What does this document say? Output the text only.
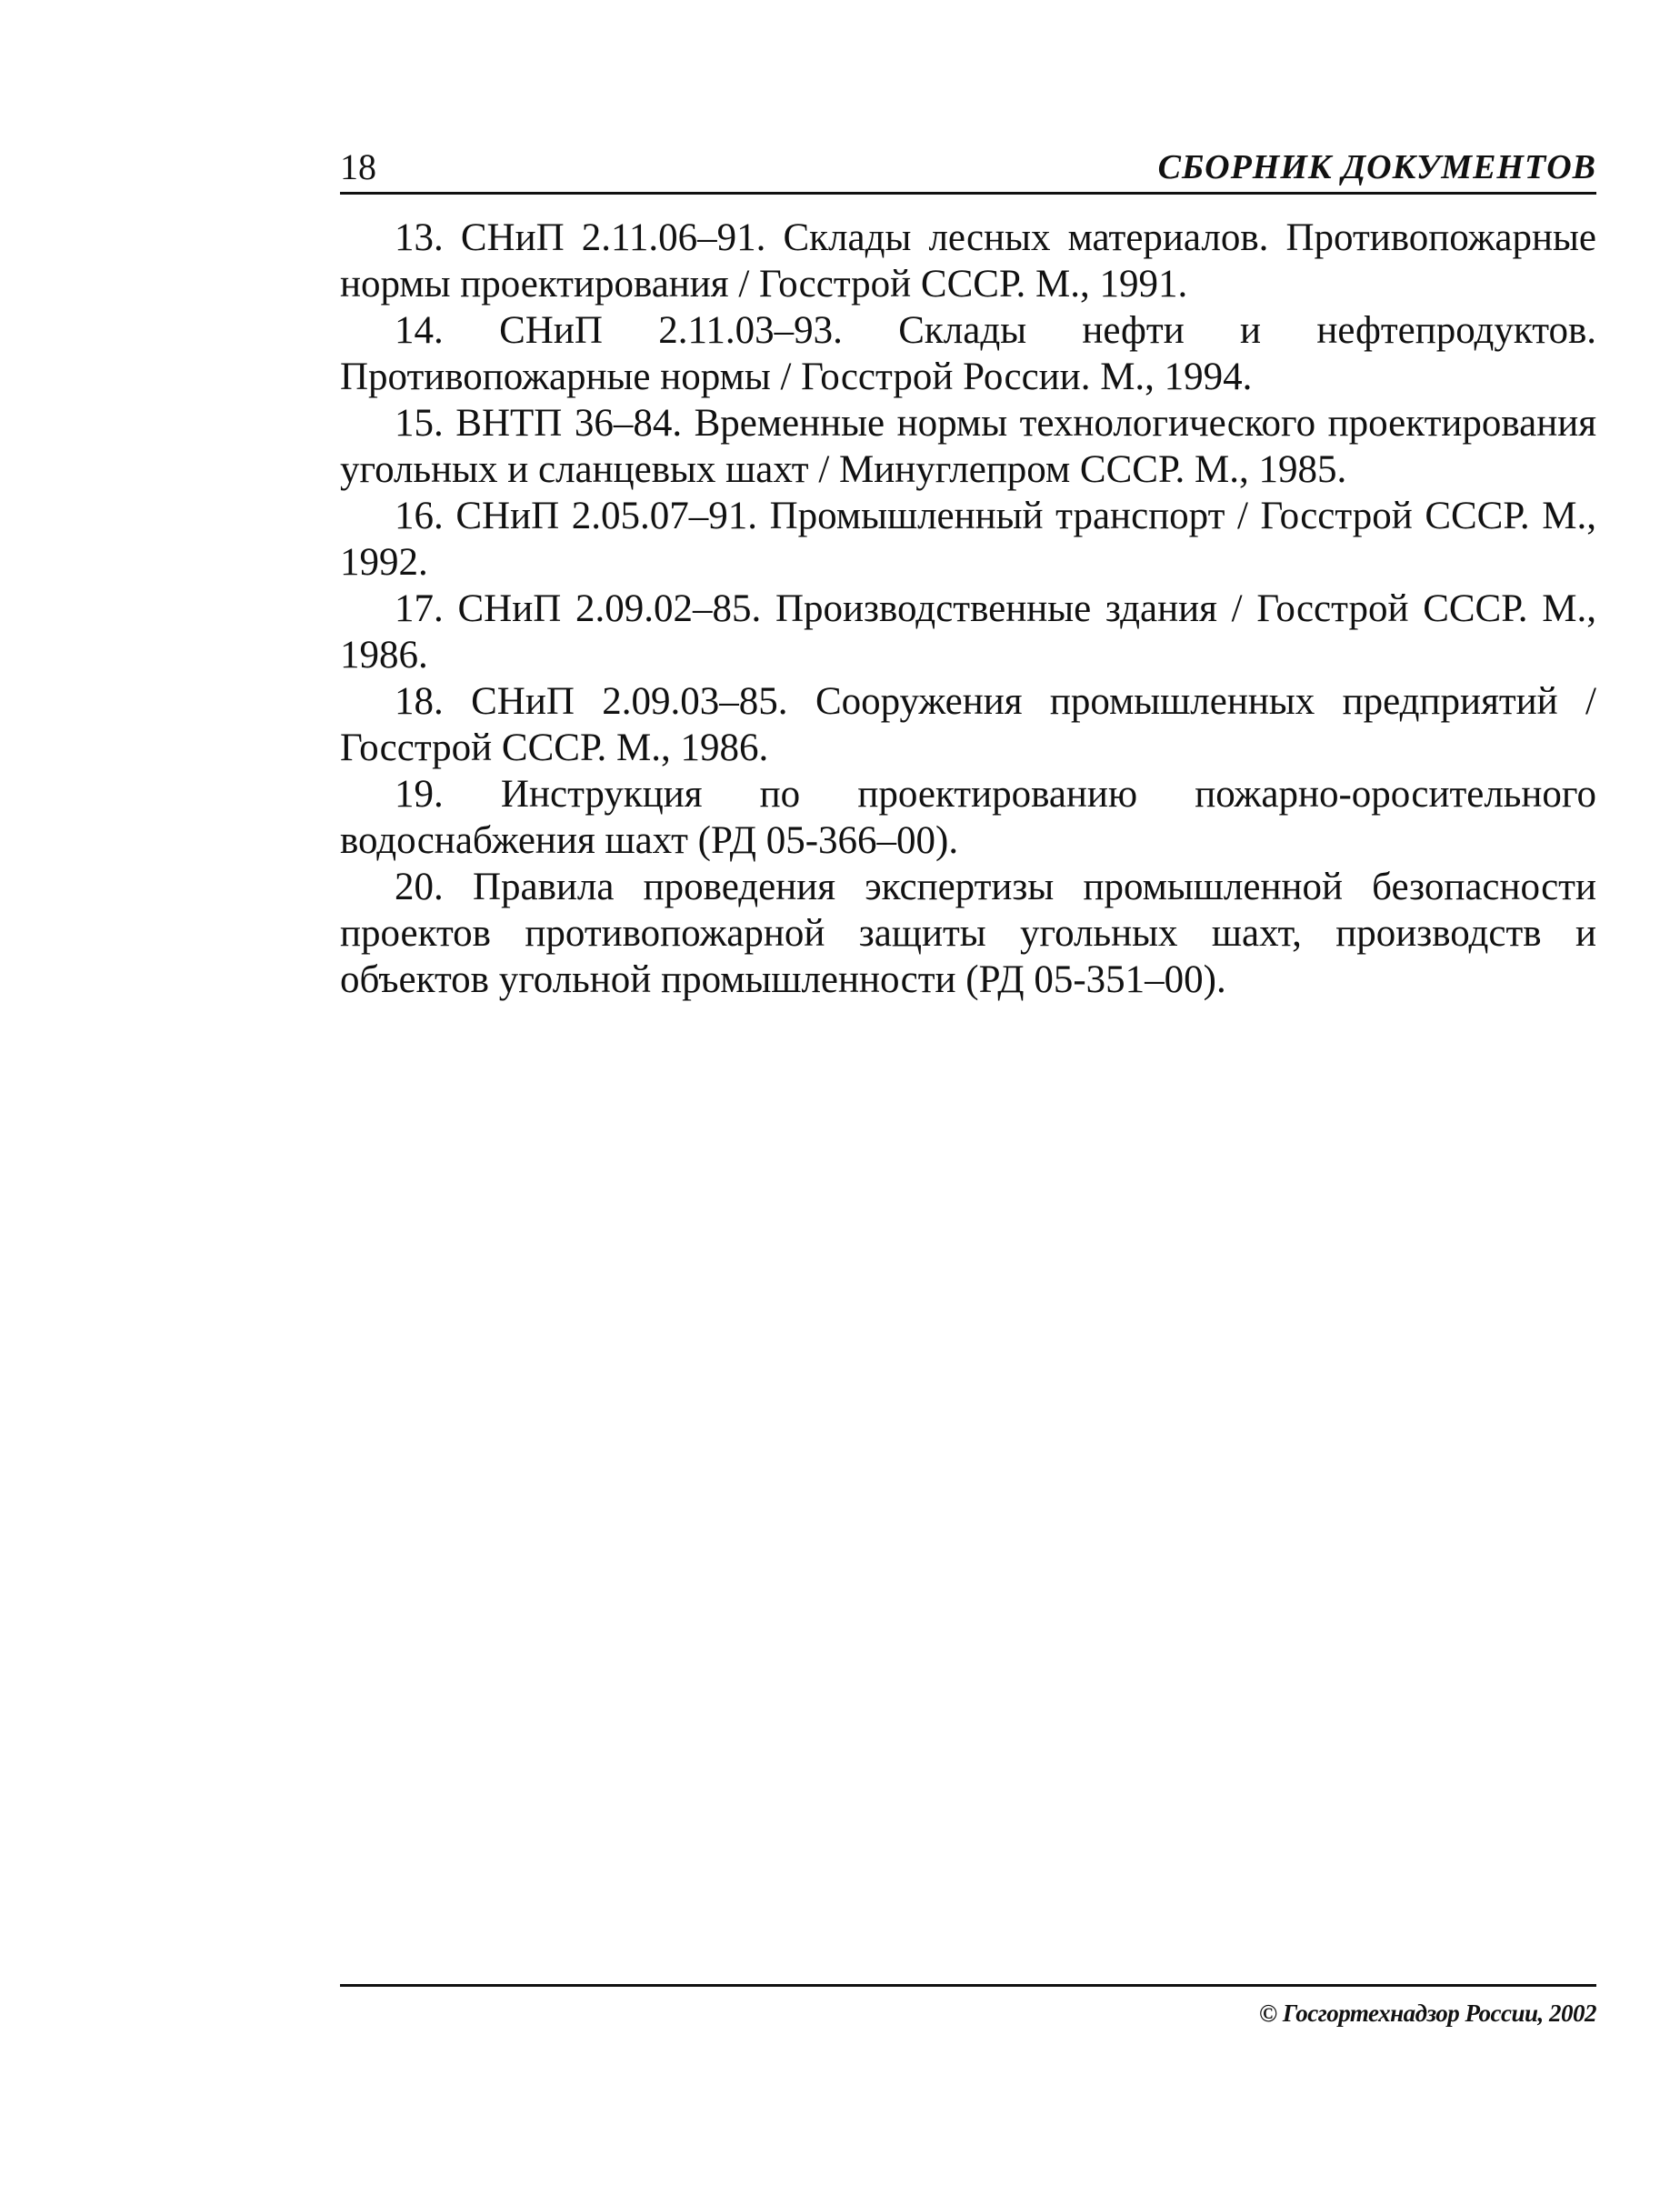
18	СБОРНИК ДОКУМЕНТОВ

13. СНиП 2.11.06–91. Склады лесных материалов. Противопожарные нормы проектирования / Госстрой СССР. М., 1991.

14. СНиП 2.11.03–93. Склады нефти и нефтепродуктов. Противопожарные нормы / Госстрой России. М., 1994.

15. ВНТП 36–84. Временные нормы технологического проектирования угольных и сланцевых шахт / Минуглепром СССР. М., 1985.

16. СНиП 2.05.07–91. Промышленный транспорт / Госстрой СССР. М., 1992.

17. СНиП 2.09.02–85. Производственные здания / Госстрой СССР. М., 1986.

18. СНиП 2.09.03–85. Сооружения промышленных предприятий / Госстрой СССР. М., 1986.

19. Инструкция по проектированию пожарно-оросительного водоснабжения шахт (РД 05-366–00).

20. Правила проведения экспертизы промышленной безопасности проектов противопожарной защиты угольных шахт, производств и объектов угольной промышленности (РД 05-351–00).

© Госгортехнадзор России, 2002
